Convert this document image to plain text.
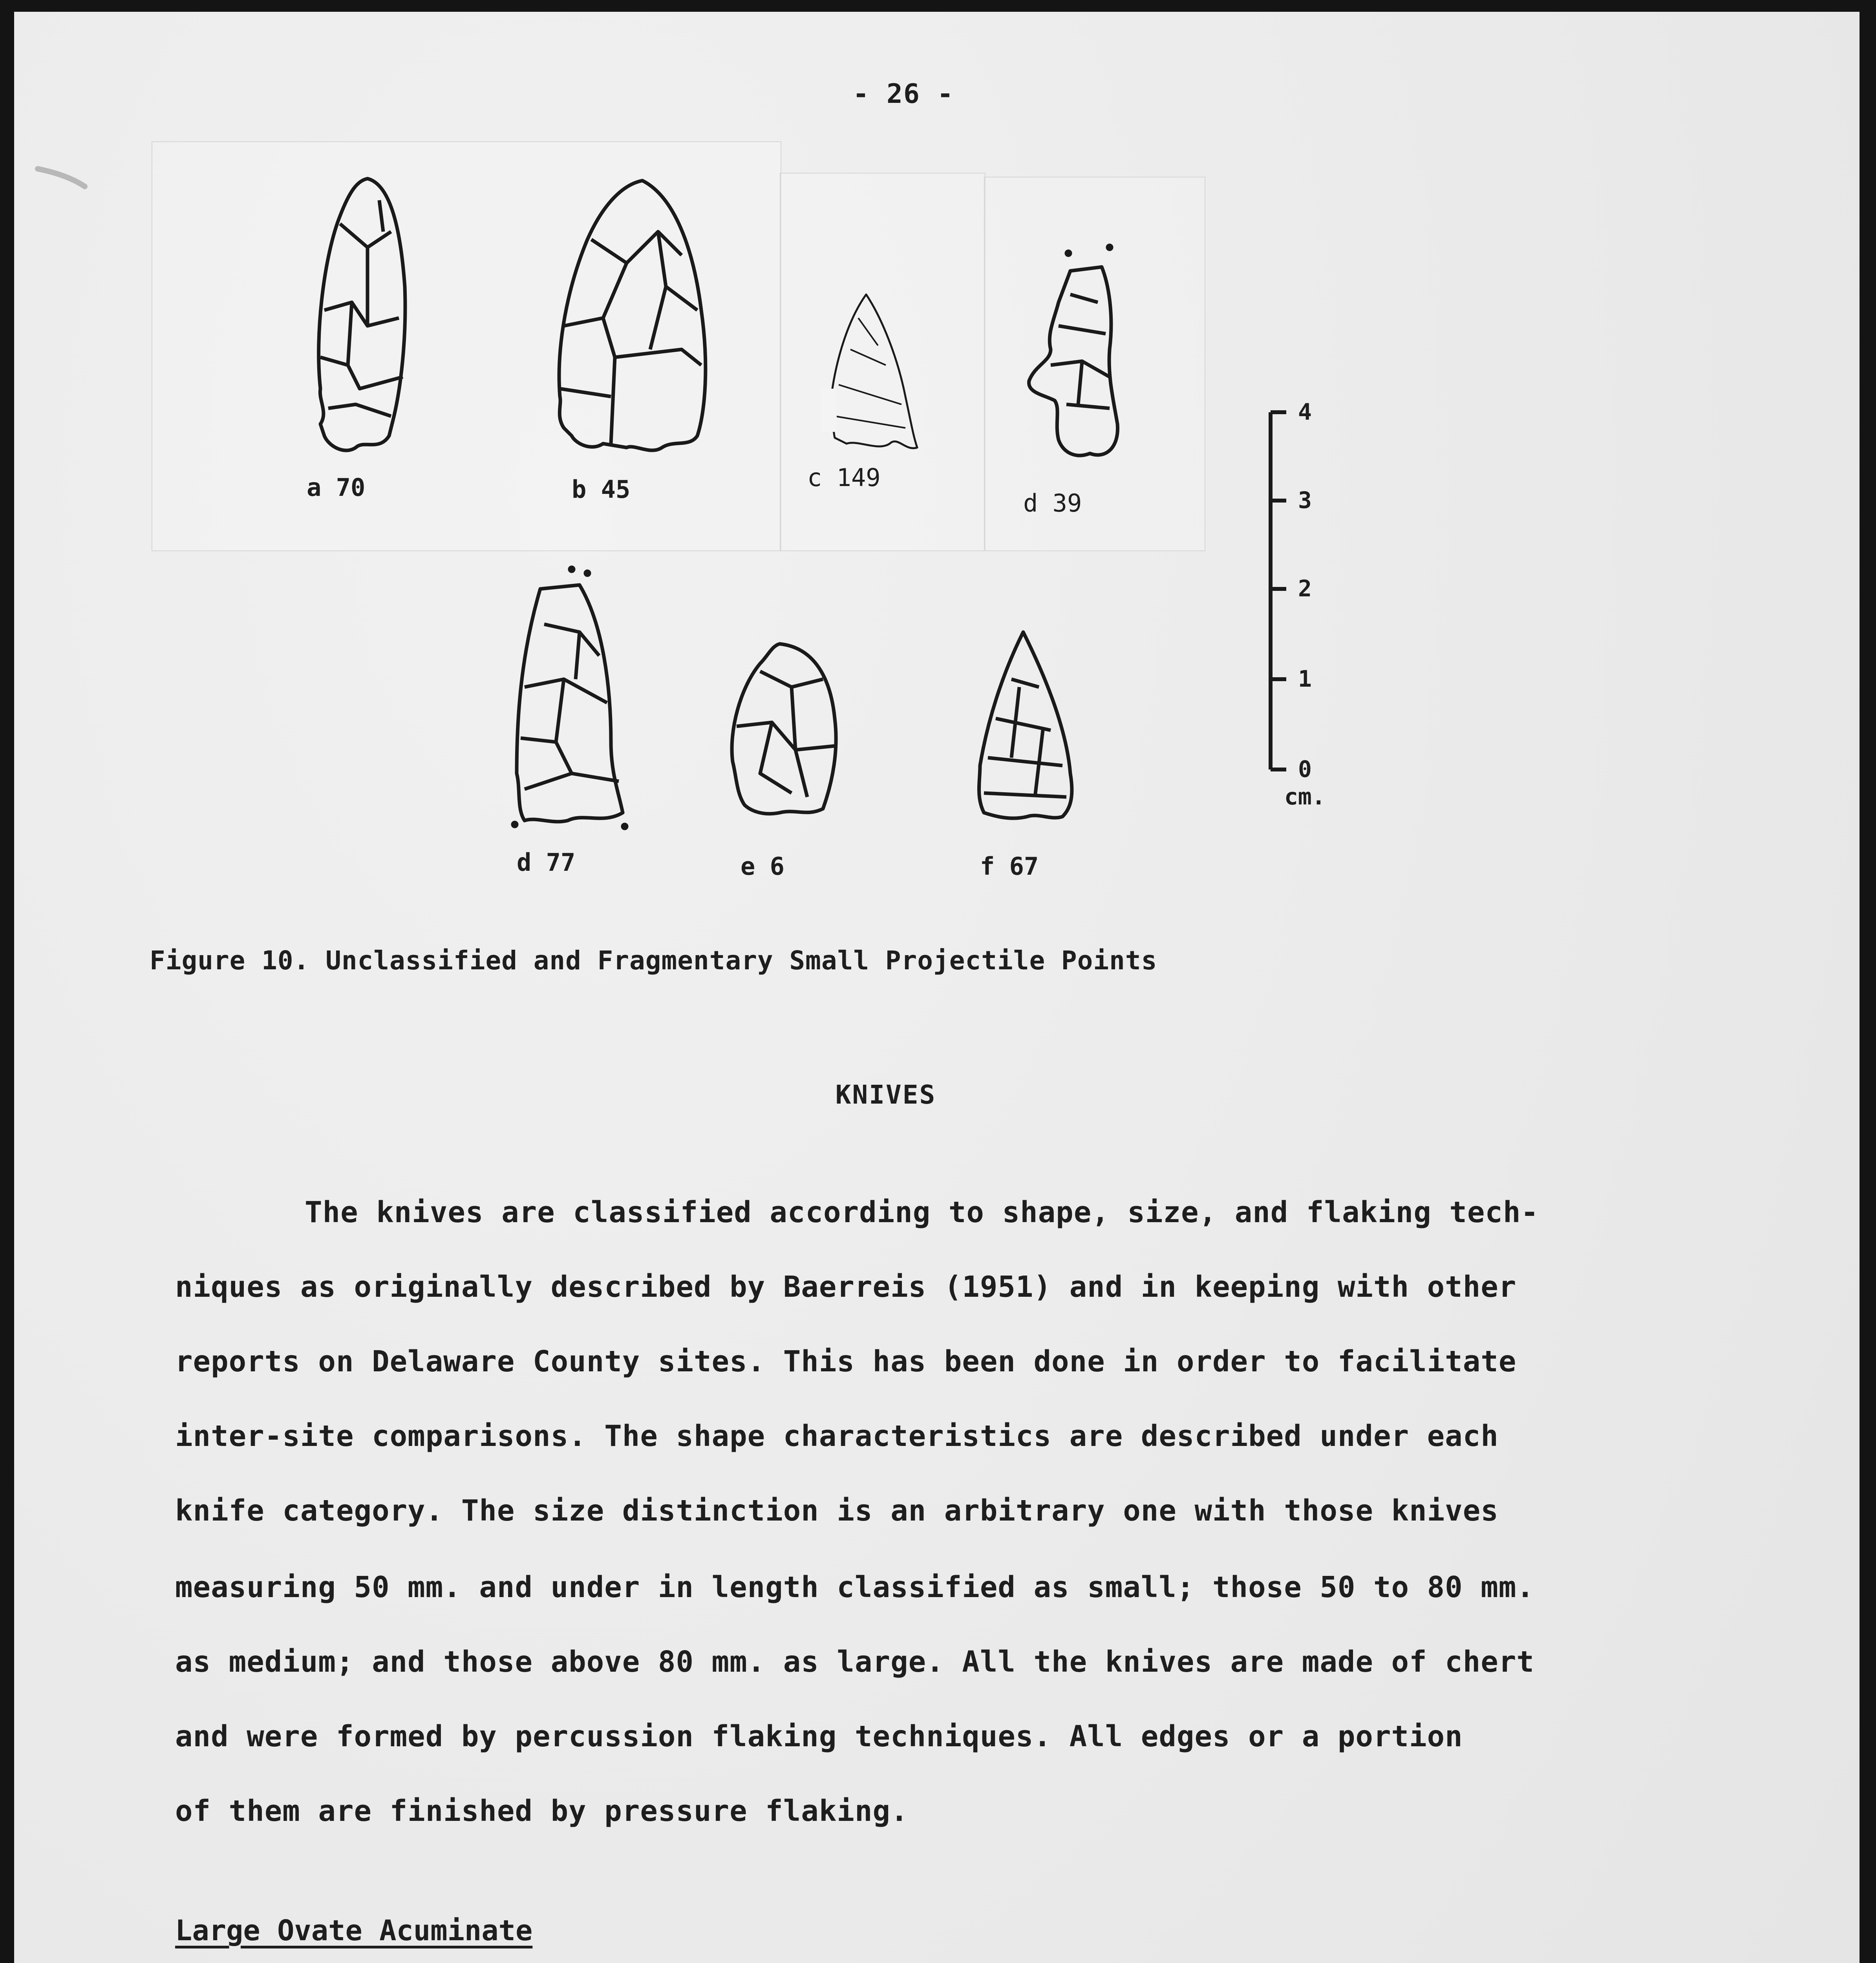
- 26 -
a 70	b 45	c 149
d 39
d 77	e 6	f 67
4
3
2
1
0
cm.
Figure 10. Unclassified and Fragmentary Small Projectile Points
KNIVES
The knives are classified according to shape, size, and flaking tech-
niques as originally described by Baerreis (1951) and in keeping with other
reports on Delaware County sites. This has been done in order to facilitate
inter-site comparisons. The shape characteristics are described under each
knife category. The size distinction is an arbitrary one with those knives
measuring 50 mm. and under in length classified as small; those 50 to 80 mm.
as medium; and those above 80 mm. as large. All the knives are made of chert
and were formed by percussion flaking techniques. All edges or a portion
of them are finished by pressure flaking.
Large Ovate Acuminate
